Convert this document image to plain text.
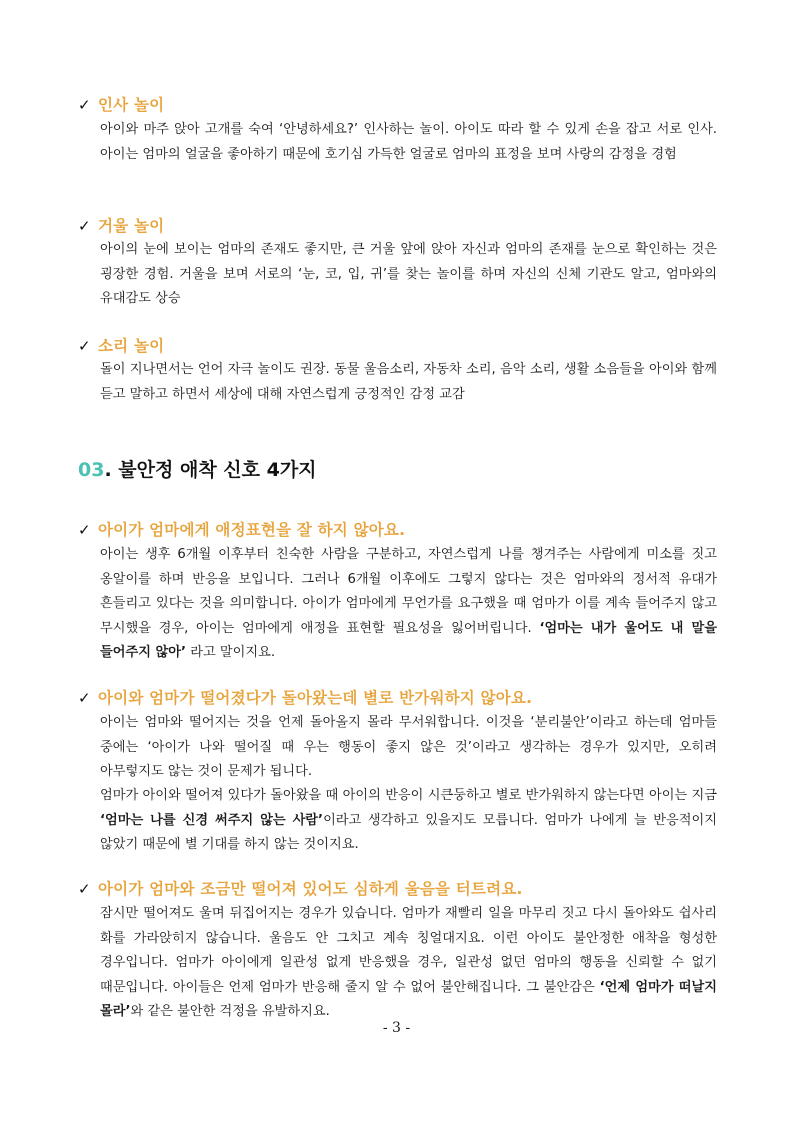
✓ 인사 놀이
아이와 마주 앉아 고개를 숙여 ‘안녕하세요?’ 인사하는 놀이. 아이도 따라 할 수 있게 손을 잡고 서로 인사. 아이는 엄마의 얼굴을 좋아하기 때문에 호기심 가득한 얼굴로 엄마의 표정을 보며 사랑의 감정을 경험
✓ 거울 놀이
아이의 눈에 보이는 엄마의 존재도 좋지만, 큰 거울 앞에 앉아 자신과 엄마의 존재를 눈으로 확인하는 것은 굉장한 경험. 거울을 보며 서로의 ‘눈, 코, 입, 귀’를 찾는 놀이를 하며 자신의 신체 기관도 알고, 엄마와의 유대감도 상승
✓ 소리 놀이
돌이 지나면서는 언어 자극 놀이도 권장. 동물 울음소리, 자동차 소리, 음악 소리, 생활 소음들을 아이와 함께 듣고 말하고 하면서 세상에 대해 자연스럽게 긍정적인 감정 교감
03. 불안정 애착 신호 4가지
✓ 아이가 엄마에게 애정표현을 잘 하지 않아요.
아이는 생후 6개월 이후부터 친숙한 사람을 구분하고, 자연스럽게 나를 챙겨주는 사람에게 미소를 짓고 옹알이를 하며 반응을 보입니다. 그러나 6개월 이후에도 그렇지 않다는 것은 엄마와의 정서적 유대가 흔들리고 있다는 것을 의미합니다. 아이가 엄마에게 무언가를 요구했을 때 엄마가 이를 계속 들어주지 않고 무시했을 경우, 아이는 엄마에게 애정을 표현할 필요성을 잃어버립니다. ‘엄마는 내가 울어도 내 말을 들어주지 않아’ 라고 말이지요.
✓ 아이와 엄마가 떨어졌다가 돌아왔는데 별로 반가워하지 않아요.
아이는 엄마와 떨어지는 것을 언제 돌아올지 몰라 무서워합니다. 이것을 ‘분리불안’이라고 하는데 엄마들 중에는 ‘아이가 나와 떨어질 때 우는 행동이 좋지 않은 것’이라고 생각하는 경우가 있지만, 오히려 아무렇지도 않는 것이 문제가 됩니다.
엄마가 아이와 떨어져 있다가 돌아왔을 때 아이의 반응이 시큰둥하고 별로 반가워하지 않는다면 아이는 지금 ‘엄마는 나를 신경 써주지 않는 사람’이라고 생각하고 있을지도 모릅니다. 엄마가 나에게 늘 반응적이지 않았기 때문에 별 기대를 하지 않는 것이지요.
✓ 아이가 엄마와 조금만 떨어져 있어도 심하게 울음을 터트려요.
잠시만 떨어져도 울며 뒤집어지는 경우가 있습니다. 엄마가 재빨리 일을 마무리 짓고 다시 돌아와도 쉽사리 화를 가라앉히지 않습니다. 울음도 안 그치고 계속 칭얼대지요. 이런 아이도 불안정한 애착을 형성한 경우입니다. 엄마가 아이에게 일관성 없게 반응했을 경우, 일관성 없던 엄마의 행동을 신뢰할 수 없기 때문입니다. 아이들은 언제 엄마가 반응해 줄지 알 수 없어 불안해집니다. 그 불안감은 ‘언제 엄마가 떠날지 몰라’와 같은 불안한 걱정을 유발하지요.
- 3 -
